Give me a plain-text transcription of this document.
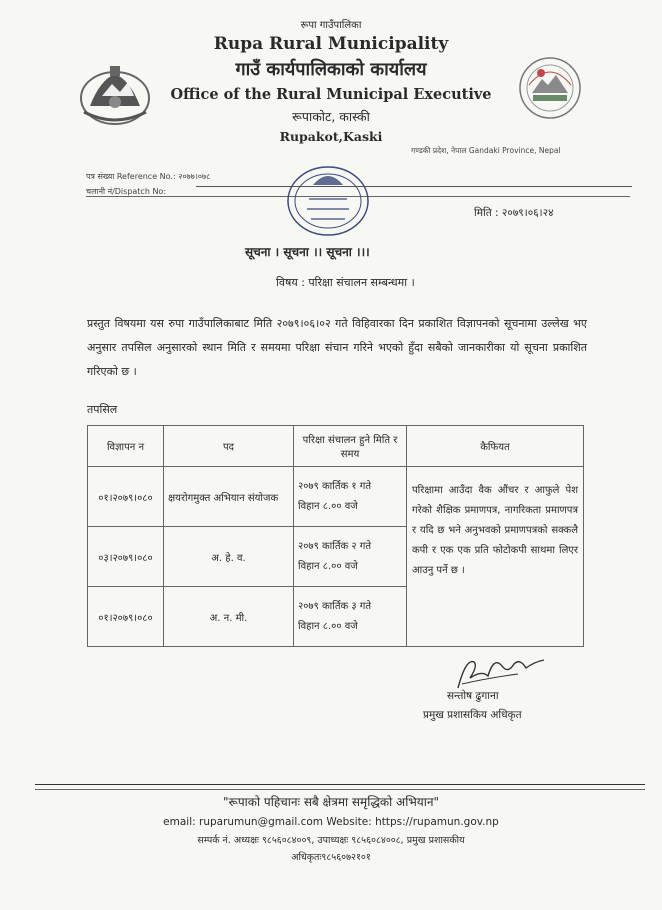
रूपा गाउँपालिका
Rupa Rural Municipality
गाउँ कार्यपालिकाको कार्यालय
Office of the Rural Municipal Executive
रूपाकोट, कास्की
Rupakot,Kaski
गण्डकी प्रदेश, नेपाल Gandaki Province, Nepal
पत्र संख्या Reference No.: २०७७।०७८
चलानी नं/Dispatch No:
मिति : २०७९।०६।२४
सूचना । सूचना ।। सूचना ।।।
विषय : परिक्षा संचालन सम्बन्धमा ।
प्रस्तुत विषयमा यस रुपा गाउँपालिकाबाट मिति २०७९।०६।०२ गते विहिवारका दिन प्रकाशित विज्ञापनको सूचनामा उल्लेख भए अनुसार तपसिल अनुसारको स्थान मिति र समयमा परिक्षा संचान गरिने भएको हुँदा सबैको जानकारीका यो सूचना प्रकाशित गरिएको छ ।
तपसिल
विज्ञापन न	पद	परिक्षा संचालन हुने मिति र समय	कैफियत
०१।२०७९।०८०	क्षयरोगमुक्त अभियान संयोजक	२०७९ कार्तिक १ गते
विहान ८.०० वजे	परिक्षामा आउँदा वैक औंचर र आफुले पेश गरेको शैक्षिक प्रमाणपत्र, नागरिकता प्रमाणपत्र र यदि छ भने अनुभवको प्रमाणपत्रको सक्कलै कपी र एक एक प्रति फोटोकपी साथमा लिएर आउनु पर्ने छ ।
०३।२०७९।०८०	अ. हे. व.	२०७९ कार्तिक २ गते
विहान ८.०० वजे	

०१।२०७९।०८०	अ. न. मी.	२०७९ कार्तिक ३ गते
विहान ८.०० वजे	
सन्तोष ढुगाना
प्रमुख प्रशासकिय अधिकृत
"रूपाको पहिचानः सबै क्षेत्रमा समृद्धिको अभियान"
email: ruparumun@gmail.com Website: https://rupamun.gov.np
सम्पर्क नं. अध्यक्षः ९८५६०८४००९, उपाध्यक्षः ९८५६०८४००८, प्रमुख प्रशासकीय
अधिकृतः९८५६०७२१०१
